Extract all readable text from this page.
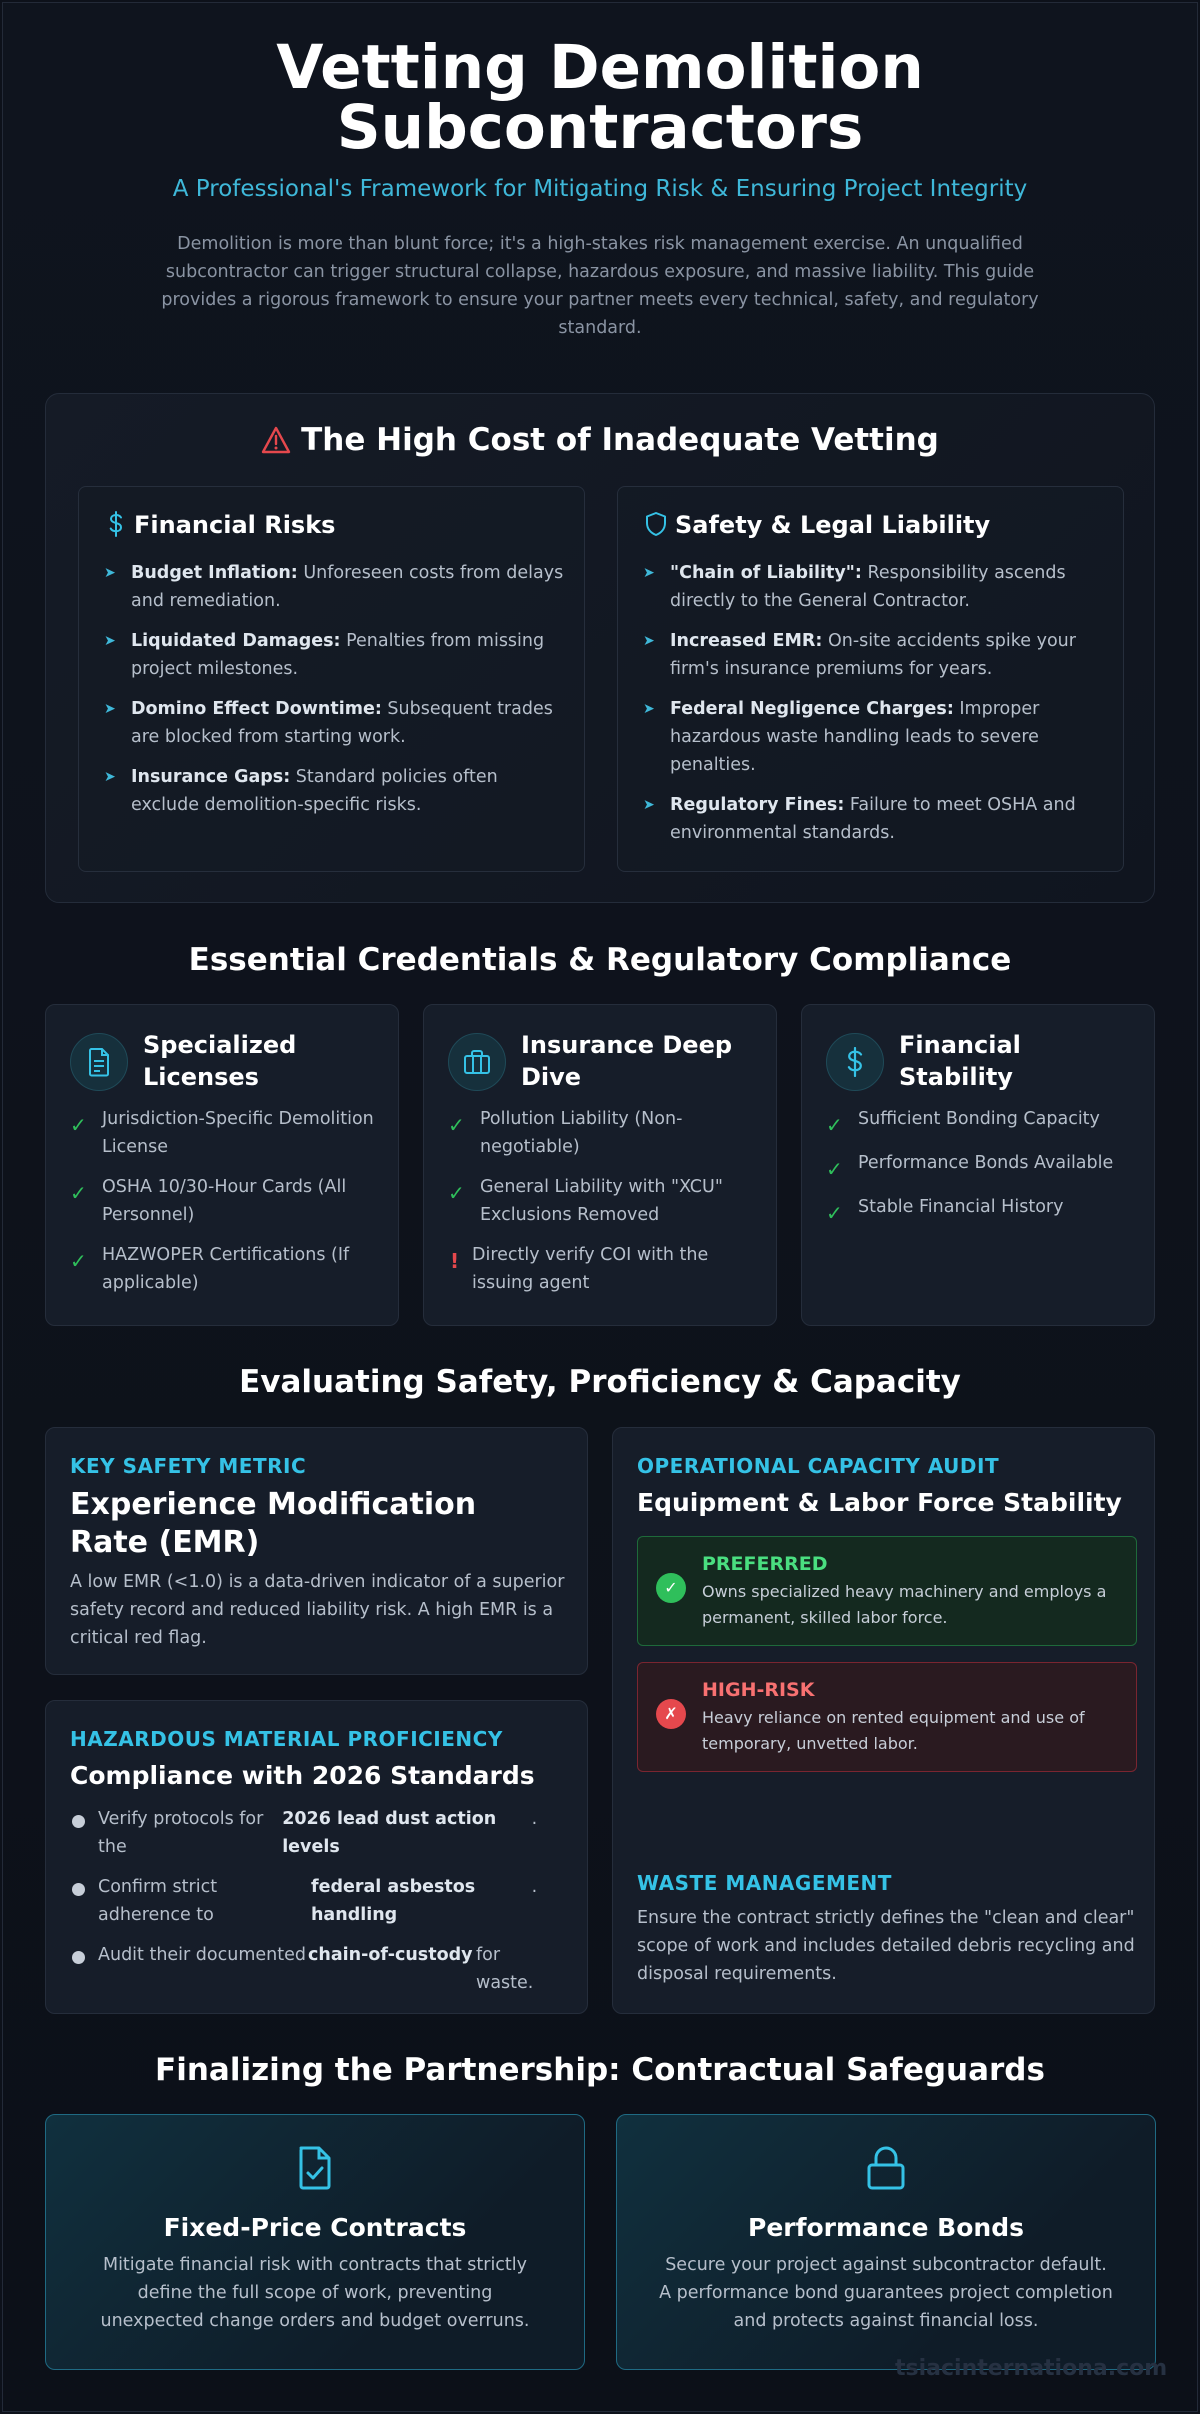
Vetting Demolition
Subcontractors
A Professional's Framework for Mitigating Risk & Ensuring Project Integrity

Demolition is more than blunt force; it's a high-stakes risk management exercise. An unqualified subcontractor can trigger structural collapse, hazardous exposure, and massive liability. This guide provides a rigorous framework to ensure your partner meets every technical, safety, and regulatory standard.

The High Cost of Inadequate Vetting
Financial Risks
➤ Budget Inflation: Unforeseen costs from delays and remediation.
➤ Liquidated Damages: Penalties from missing project milestones.
➤ Domino Effect Downtime: Subsequent trades are blocked from starting work.
➤ Insurance Gaps: Standard policies often exclude demolition-specific risks.
Safety & Legal Liability
➤ "Chain of Liability": Responsibility ascends directly to the General Contractor.
➤ Increased EMR: On-site accidents spike your firm's insurance premiums for years.
➤ Federal Negligence Charges: Improper hazardous waste handling leads to severe penalties.
➤ Regulatory Fines: Failure to meet OSHA and environmental standards.
Essential Credentials & Regulatory Compliance
Specialized Licenses
✓ Jurisdiction-Specific Demolition License
✓ OSHA 10/30-Hour Cards (All Personnel)
✓ HAZWOPER Certifications (If applicable)
Insurance Deep Dive
✓ Pollution Liability (Non-negotiable)
✓ General Liability with "XCU" Exclusions Removed
! Directly verify COI with the issuing agent
Financial Stability
✓ Sufficient Bonding Capacity
✓ Performance Bonds Available
✓ Stable Financial History
Evaluating Safety, Proficiency & Capacity
KEY SAFETY METRIC
Experience Modification Rate (EMR)

A low EMR (<1.0) is a data-driven indicator of a superior safety record and reduced liability risk. A high EMR is a critical red flag.

HAZARDOUS MATERIAL PROFICIENCY
Compliance with 2026 Standards
Verify protocols for the
2026 lead dust action levels
.
Confirm strict adherence to
federal asbestos handling
.
Audit their documented chain-of-custody for waste.
OPERATIONAL CAPACITY AUDIT
Equipment & Labor Force Stability
✓
PREFERRED
Owns specialized heavy machinery and employs a permanent, skilled labor force.
✗
HIGH-RISK
Heavy reliance on rented equipment and use of temporary, unvetted labor.
WASTE MANAGEMENT

Ensure the contract strictly defines the "clean and clear" scope of work and includes detailed debris recycling and disposal requirements.

Finalizing the Partnership: Contractual Safeguards
Fixed-Price Contracts

Mitigate financial risk with contracts that strictly define the full scope of work, preventing unexpected change orders and budget overruns.

Performance Bonds

Secure your project against subcontractor default. A performance bond guarantees project completion and protects against financial loss.

tsiacinternationa.com
